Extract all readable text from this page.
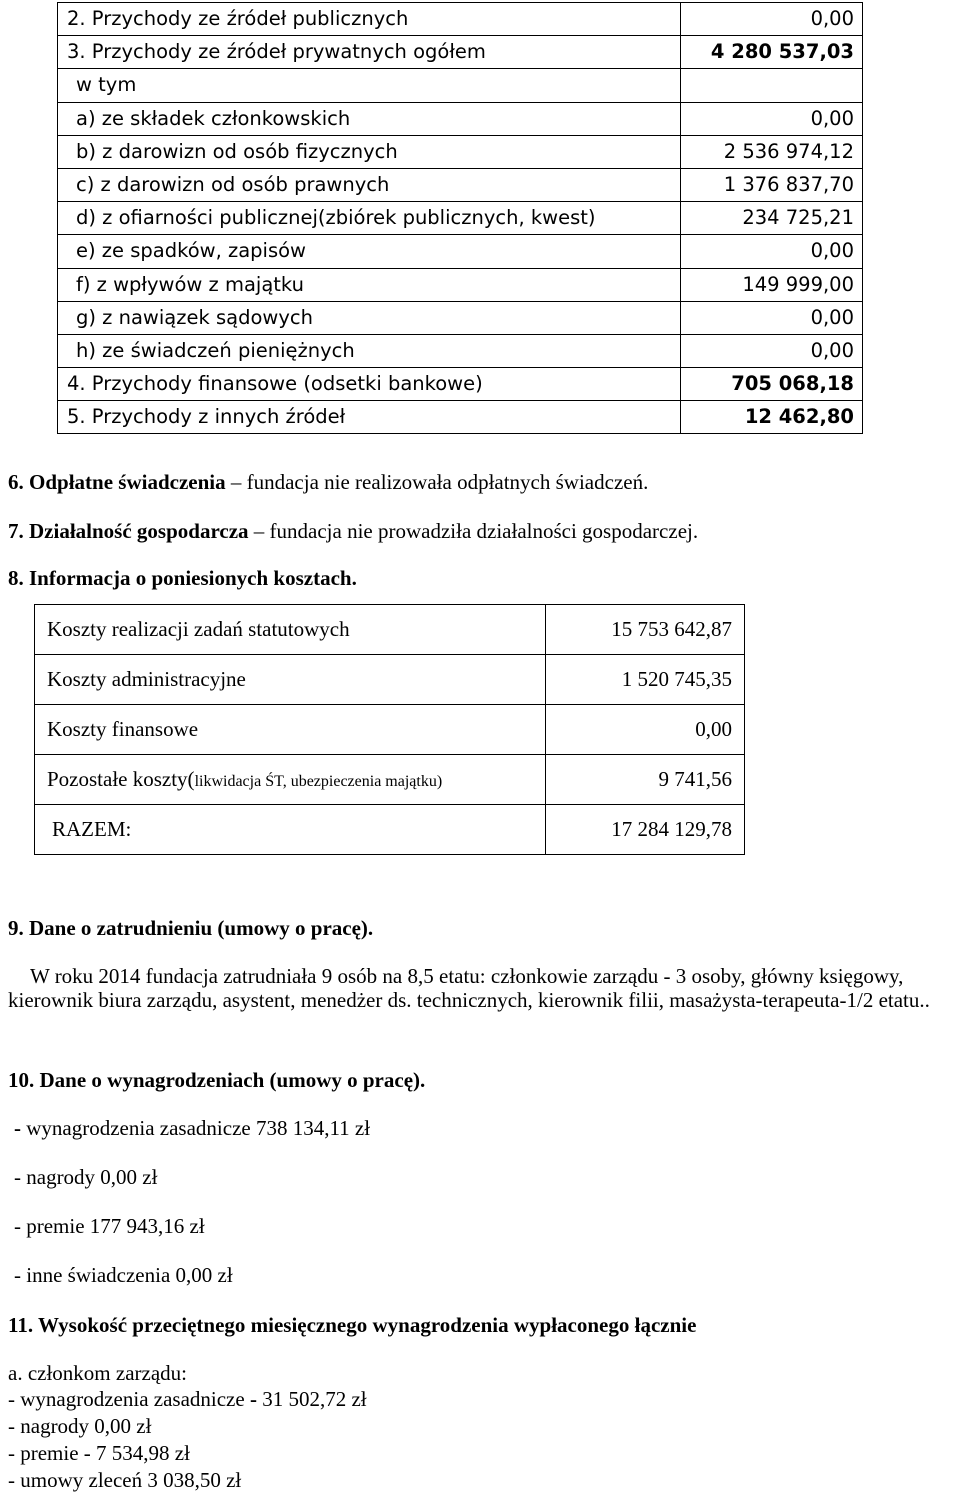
2. Przychody ze źródeł publicznych	0,00
3. Przychody ze źródeł prywatnych ogółem	4 280 537,03
w tym	
a) ze składek członkowskich	0,00
b) z darowizn od osób fizycznych	2 536 974,12
c) z darowizn od osób prawnych	1 376 837,70
d) z ofiarności publicznej(zbiórek publicznych, kwest)	234 725,21
e) ze spadków, zapisów	0,00
f) z wpływów z majątku	149 999,00
g) z nawiązek sądowych	0,00
h) ze świadczeń pieniężnych	0,00
4. Przychody finansowe (odsetki bankowe)	705 068,18
5. Przychody z innych źródeł	12 462,80
6. Odpłatne świadczenia – fundacja nie realizowała odpłatnych świadczeń.
7. Działalność gospodarcza – fundacja nie prowadziła działalności gospodarczej.
8. Informacja o poniesionych kosztach.
Koszty realizacji zadań statutowych	15 753 642,87
Koszty administracyjne	1 520 745,35
Koszty finansowe	0,00
Pozostałe koszty(likwidacja ŚT, ubezpieczenia majątku)	9 741,56
RAZEM:	17 284 129,78
9. Dane o zatrudnieniu (umowy o pracę).
W roku 2014 fundacja zatrudniała 9 osób na 8,5 etatu: członkowie zarządu - 3 osoby, główny księgowy, kierownik biura zarządu, asystent, menedżer ds. technicznych, kierownik filii, masażysta-terapeuta-1/2 etatu..
10. Dane o wynagrodzeniach (umowy o pracę).
- wynagrodzenia zasadnicze 738 134,11 zł
- nagrody 0,00 zł
- premie 177 943,16 zł
- inne świadczenia 0,00 zł
11. Wysokość przeciętnego miesięcznego wynagrodzenia wypłaconego łącznie
a. członkom zarządu:
- wynagrodzenia zasadnicze - 31 502,72 zł
- nagrody 0,00 zł
- premie - 7 534,98 zł
- umowy zleceń 3 038,50 zł
